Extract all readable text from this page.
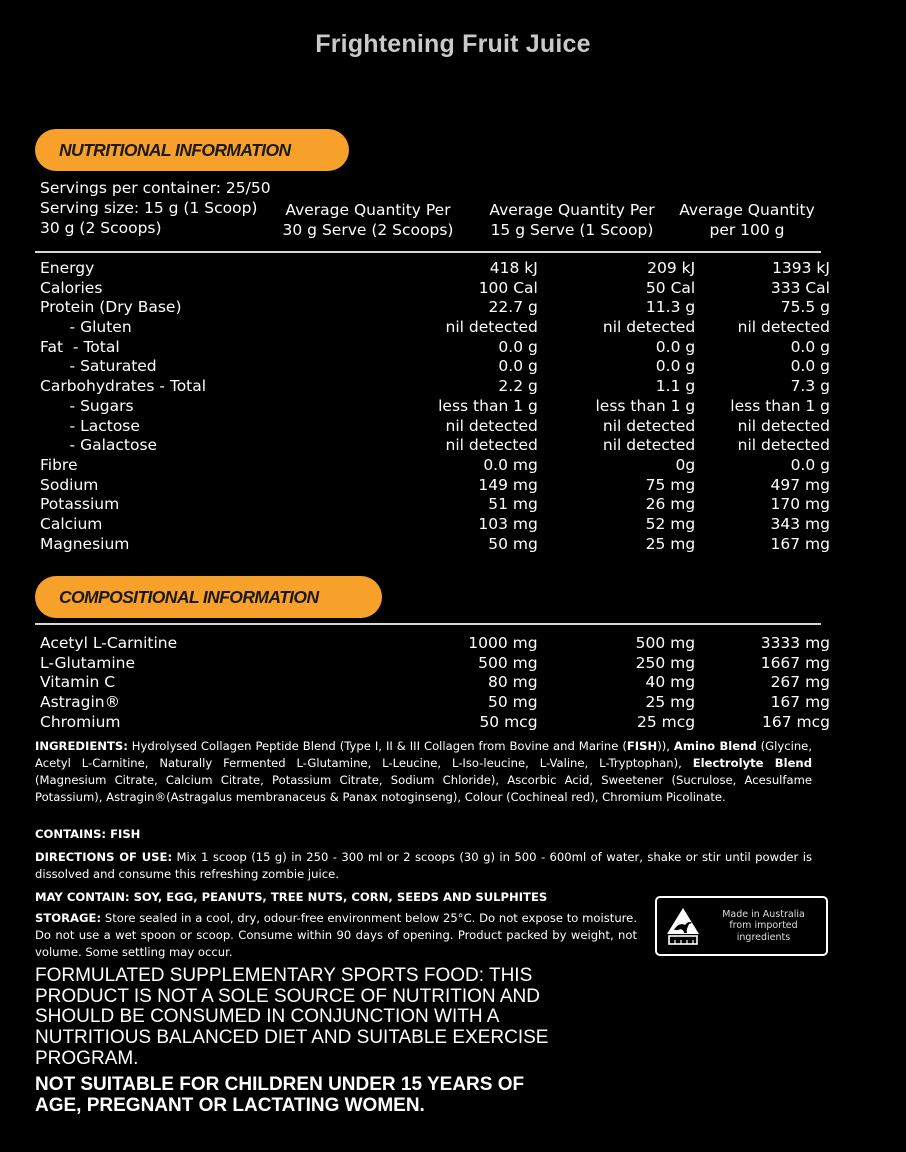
Frightening Fruit Juice
NUTRITIONAL INFORMATION
Servings per container: 25/50
Serving size: 15 g (1 Scoop)
30 g (2 Scoops)
Average Quantity Per
30 g Serve (2 Scoops)
Average Quantity Per
15 g Serve (1 Scoop)
Average Quantity
per 100 g
Energy	418 kJ	209 kJ	1393 kJ
Calories	100 Cal	50 Cal	333 Cal
Protein (Dry Base)	22.7 g	11.3 g	75.5 g
- Gluten	nil detected	nil detected	nil detected
Fat  - Total	0.0 g	0.0 g	0.0 g
- Saturated	0.0 g	0.0 g	0.0 g
Carbohydrates - Total	2.2 g	1.1 g	7.3 g
- Sugars	less than 1 g	less than 1 g	less than 1 g
- Lactose	nil detected	nil detected	nil detected
- Galactose	nil detected	nil detected	nil detected
Fibre	0.0 mg	0g	0.0 g
Sodium	149 mg	75 mg	497 mg
Potassium	51 mg	26 mg	170 mg
Calcium	103 mg	52 mg	343 mg
Magnesium	50 mg	25 mg	167 mg
COMPOSITIONAL INFORMATION
Acetyl L-Carnitine	1000 mg	500 mg	3333 mg
L-Glutamine	500 mg	250 mg	1667 mg
Vitamin C	80 mg	40 mg	267 mg
Astragin®	50 mg	25 mg	167 mg
Chromium	50 mcg	25 mcg	167 mcg
INGREDIENTS: Hydrolysed Collagen Peptide Blend (Type I, II & III Collagen from Bovine and Marine (FISH)), Amino Blend (Glycine, Acetyl L-Carnitine, Naturally Fermented L-Glutamine, L-Leucine, L-Iso-leucine, L-Valine, L-Tryptophan), Electrolyte Blend (Magnesium Citrate, Calcium Citrate, Potassium Citrate, Sodium Chloride), Ascorbic Acid, Sweetener (Sucrulose, Acesulfame Potassium), Astragin®(Astragalus membranaceus & Panax notoginseng), Colour (Cochineal red), Chromium Picolinate.
CONTAINS: FISH
DIRECTIONS OF USE: Mix 1 scoop (15 g) in 250 - 300 ml or 2 scoops (30 g) in 500 - 600ml of water, shake or stir until powder is dissolved and consume this refreshing zombie juice.
MAY CONTAIN: SOY, EGG, PEANUTS, TREE NUTS, CORN, SEEDS AND SULPHITES
STORAGE: Store sealed in a cool, dry, odour-free environment below 25°C. Do not expose to moisture. Do not use a wet spoon or scoop. Consume within 90 days of opening. Product packed by weight, not volume. Some settling may occur.
Made in Australia
from imported
ingredients
FORMULATED SUPPLEMENTARY SPORTS FOOD: THIS PRODUCT IS NOT A SOLE SOURCE OF NUTRITION AND SHOULD BE CONSUMED IN CONJUNCTION WITH A NUTRITIOUS BALANCED DIET AND SUITABLE EXERCISE PROGRAM.
NOT SUITABLE FOR CHILDREN UNDER 15 YEARS OF AGE, PREGNANT OR LACTATING WOMEN.
